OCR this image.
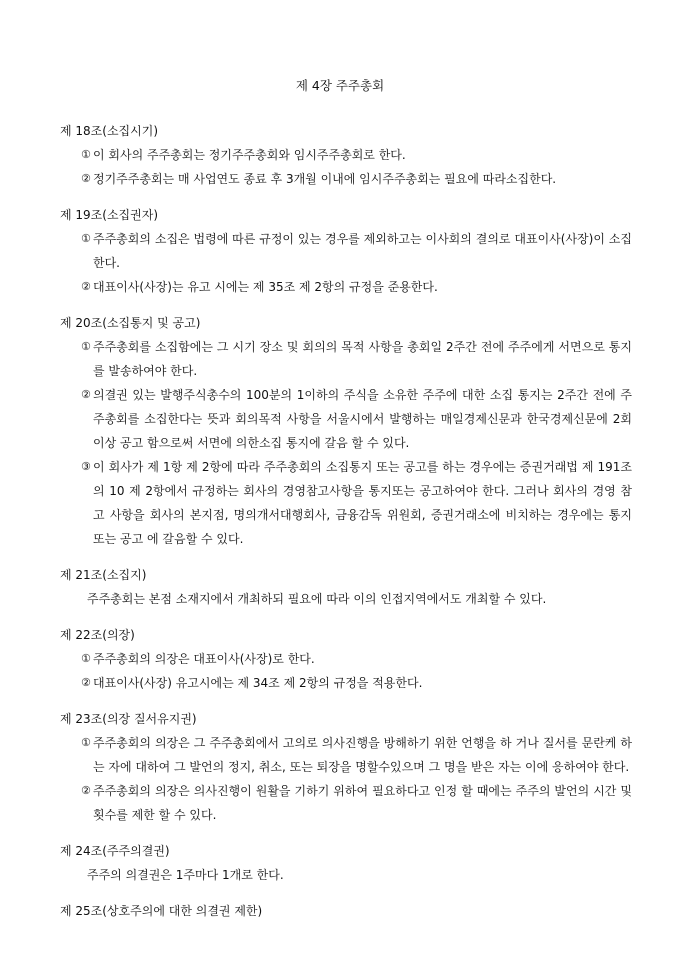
제 4장 주주총회
제 18조(소집시기)
① 이 회사의 주주총회는 정기주주총회와 임시주주총회로 한다.
② 정기주주총회는 매 사업연도 종료 후 3개월 이내에 임시주주총회는 필요에 따라소집한다.
제 19조(소집권자)
① 주주총회의 소집은 법령에 따른 규정이 있는 경우를 제외하고는 이사회의 결의로 대표이사(사장)이 소집한다.
② 대표이사(사장)는 유고 시에는 제 35조 제 2항의 규정을 준용한다.
제 20조(소집통지 및 공고)
① 주주총회를 소집함에는 그 시기 장소 및 회의의 목적 사항을 총회일 2주간 전에 주주에게 서면으로 통지를 발송하여야 한다.
② 의결권 있는 발행주식총수의 100분의 1이하의 주식을 소유한 주주에 대한 소집 통지는 2주간 전에 주주총회를 소집한다는 뜻과 회의목적 사항을 서울시에서 발행하는 매일경제신문과 한국경제신문에 2회 이상 공고 함으로써 서면에 의한소집 통지에 갈음 할 수 있다.
③ 이 회사가 제 1항 제 2항에 따라 주주총회의 소집통지 또는 공고를 하는 경우에는 증권거래법 제 191조의 10 제 2항에서 규정하는 회사의 경영참고사항을 통지또는 공고하여야 한다. 그러나 회사의 경영 참고 사항을 회사의 본지점, 명의개서대행회사, 금융감독 위원회, 증권거래소에 비치하는 경우에는 통지 또는 공고 에 갈음할 수 있다.
제 21조(소집지)
주주총회는 본점 소재지에서 개최하되 필요에 따라 이의 인접지역에서도 개최할 수 있다.
제 22조(의장)
① 주주총회의 의장은 대표이사(사장)로 한다.
② 대표이사(사장) 유고시에는 제 34조 제 2항의 규정을 적용한다.
제 23조(의장 질서유지권)
① 주주총회의 의장은 그 주주총회에서 고의로 의사진행을 방해하기 위한 언행을 하 거나 질서를 문란케 하는 자에 대하여 그 발언의 정지, 취소, 또는 퇴장을 명할수있으며 그 명을 받은 자는 이에 응하여야 한다.
② 주주총회의 의장은 의사진행이 원활을 기하기 위하여 필요하다고 인정 할 때에는 주주의 발언의 시간 및 횟수를 제한 할 수 있다.
제 24조(주주의결권)
주주의 의결권은 1주마다 1개로 한다.
제 25조(상호주의에 대한 의결권 제한)
